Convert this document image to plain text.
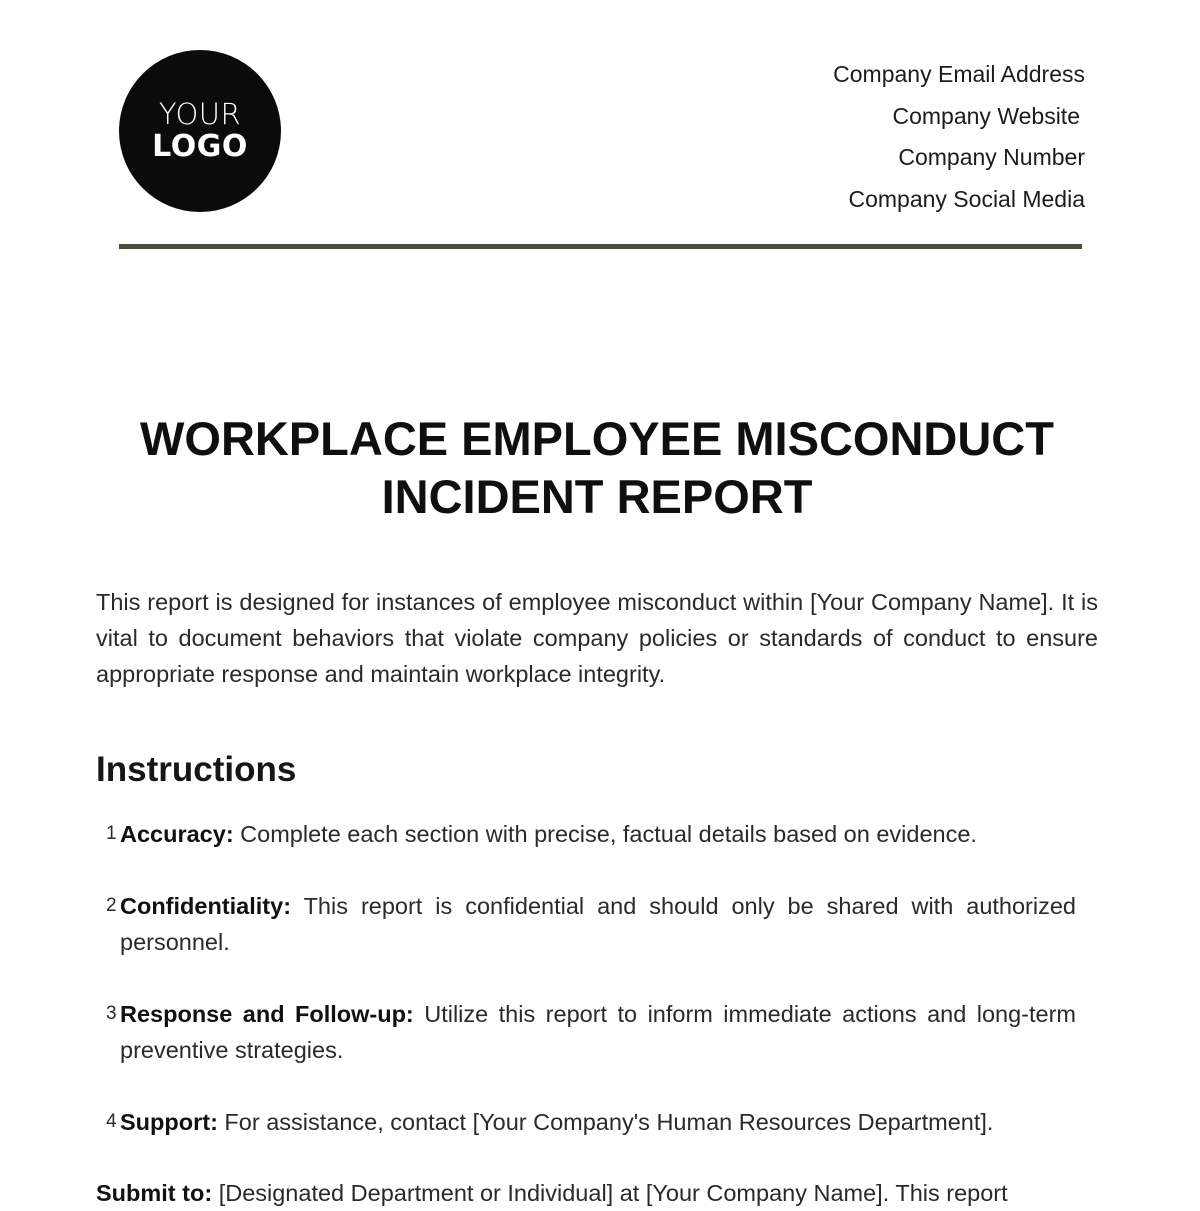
YOUR
LOGO
Company Email Address
Company Website
Company Number
Company Social Media
WORKPLACE EMPLOYEE MISCONDUCT
INCIDENT REPORT

This report is designed for instances of employee misconduct within [Your Company Name]. It is vital to document behaviors that violate company policies or standards of conduct to ensure appropriate response and maintain workplace integrity.

Instructions
1 Accuracy: Complete each section with precise, factual details based on evidence.
2 Confidentiality: This report is confidential and should only be shared with authorized personnel.
3 Response and Follow-up: Utilize this report to inform immediate actions and long-term preventive strategies.
4 Support: For assistance, contact [Your Company's Human Resources Department].

Submit to: [Designated Department or Individual] at [Your Company Name]. This report
